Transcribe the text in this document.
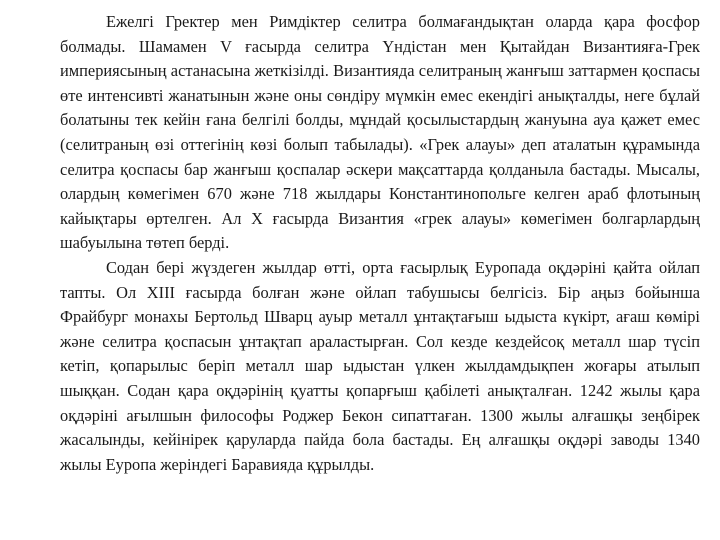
Ежелгі Гректер мен Римдіктер селитра болмағандықтан оларда қара фосфор болмады. Шамамен V ғасырда селитра Үндістан мен Қытайдан Византияға-Грек империясының астанасына жеткізілді. Византияда селитраның жанғыш заттармен қоспасы өте интенсивті жанатынын және оны сөндіру мүмкін емес екендігі анықталды, неге бұлай болатыны тек кейін ғана белгілі болды, мұндай қосылыстардың жануына ауа қажет емес (селитраның өзі оттегінің көзі болып табылады). «Грек алауы» деп аталатын құрамында селитра қоспасы бар жанғыш қоспалар әскери мақсаттарда қолданыла бастады. Мысалы, олардың көмегімен 670 және 718 жылдары Константинопольге келген араб флотының кайықтары өртелген. Ал Х ғасырда Византия «грек алауы» көмегімен болгарлардың шабуылына төтеп берді.

Содан бері жүздеген жылдар өтті, орта ғасырлық Еуропада оқдәріні қайта ойлап тапты. Ол XIII ғасырда болған және ойлап табушысы белгісіз. Бір аңыз бойынша Фрайбург монахы Бертольд Шварц ауыр металл ұнтақтағыш ыдыста күкірт, ағаш көмірі және селитра қоспасын ұнтақтап араластырған. Сол кезде кездейсоқ металл шар түсіп кетіп, қопарылыс беріп металл шар ыдыстан үлкен жылдамдықпен жоғары атылып шыққан. Содан қара оқдәрінің қуатты қопарғыш қабілеті анықталған. 1242 жылы қара оқдәріні ағылшын философы Роджер Бекон сипаттаған. 1300 жылы алғашқы зеңбірек жасалынды, кейінірек қаруларда пайда бола бастады. Ең алғашқы оқдәрі заводы 1340 жылы Еуропа жеріндегі Баравияда құрылды.
